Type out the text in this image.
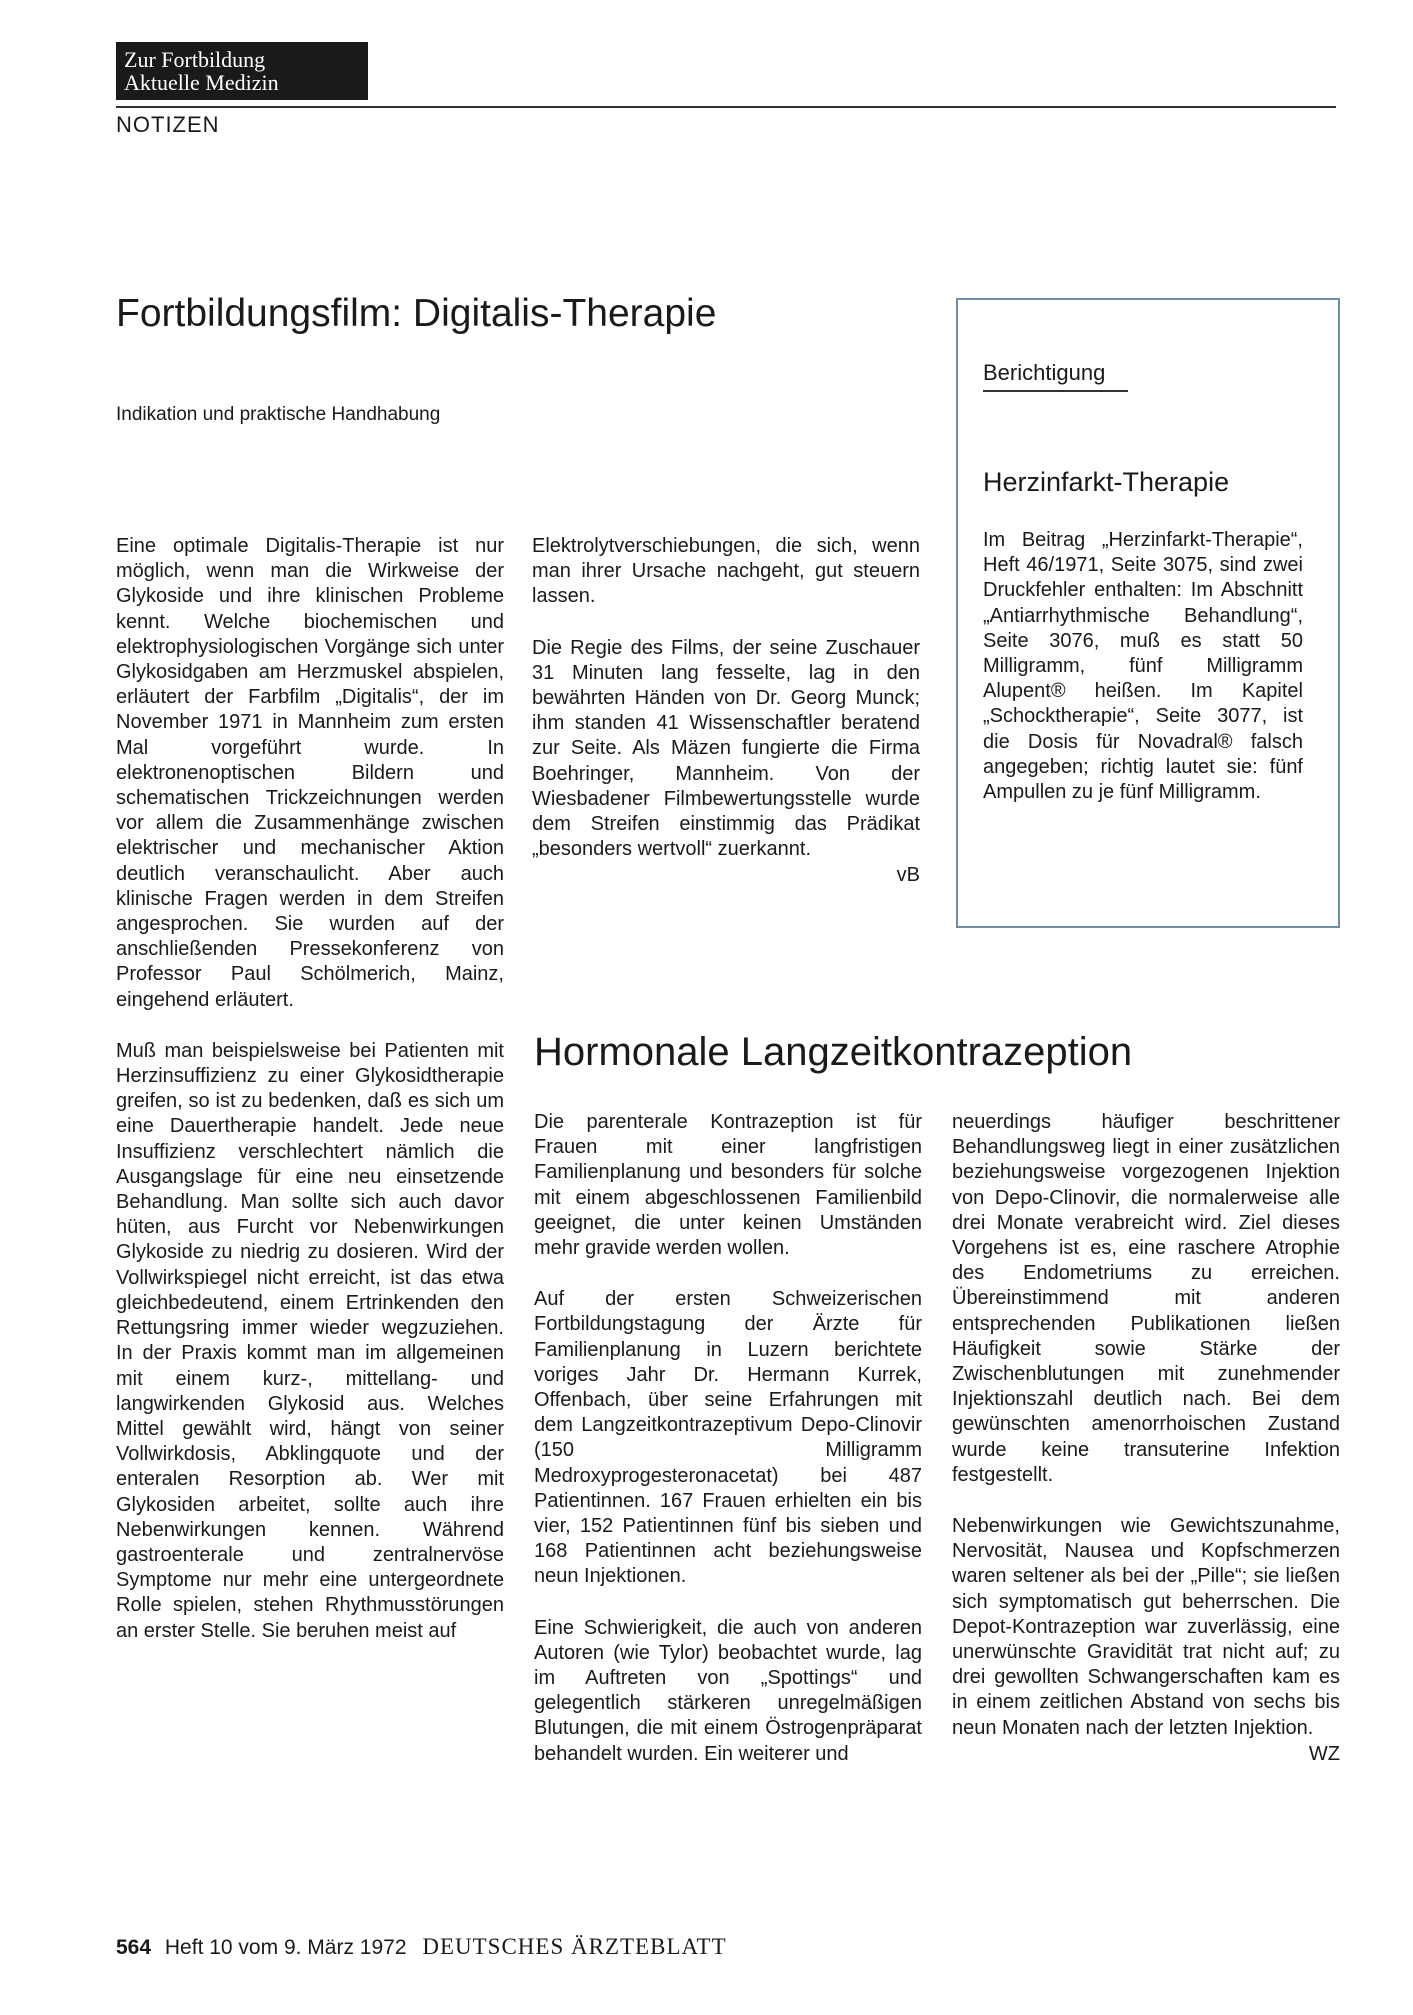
Zur Fortbildung
Aktuelle Medizin
NOTIZEN
Fortbildungsfilm: Digitalis-Therapie
Indikation und praktische Handhabung

Eine optimale Digitalis-Therapie ist nur möglich, wenn man die Wirkweise der Glykoside und ihre klinischen Probleme kennt. Welche biochemischen und elektrophysiologischen Vorgänge sich unter Glykosidgaben am Herzmuskel abspielen, erläutert der Farbfilm „Digitalis“, der im November 1971 in Mannheim zum ersten Mal vorgeführt wurde. In elektronenoptischen Bildern und schematischen Trickzeichnungen werden vor allem die Zusammenhänge zwischen elektrischer und mechanischer Aktion deutlich veranschaulicht. Aber auch klinische Fragen werden in dem Streifen angesprochen. Sie wurden auf der anschließenden Pressekonferenz von Professor Paul Schölmerich, Mainz, eingehend erläutert.

Muß man beispielsweise bei Patienten mit Herzinsuffizienz zu einer Glykosidtherapie greifen, so ist zu bedenken, daß es sich um eine Dauertherapie handelt. Jede neue Insuffizienz verschlechtert nämlich die Ausgangslage für eine neu einsetzende Behandlung. Man sollte sich auch davor hüten, aus Furcht vor Nebenwirkungen Glykoside zu niedrig zu dosieren. Wird der Vollwirkspiegel nicht erreicht, ist das etwa gleichbedeutend, einem Ertrinkenden den Rettungsring immer wieder wegzuziehen. In der Praxis kommt man im allgemeinen mit einem kurz-, mittellang- und langwirkenden Glykosid aus. Welches Mittel gewählt wird, hängt von seiner Vollwirkdosis, Abklingquote und der enteralen Resorption ab. Wer mit Glykosiden arbeitet, sollte auch ihre Nebenwirkungen kennen. Während gastroenterale und zentralnervöse Symptome nur mehr eine untergeordnete Rolle spielen, stehen Rhythmusstörungen an erster Stelle. Sie beruhen meist auf

Elektrolytverschiebungen, die sich, wenn man ihrer Ursache nachgeht, gut steuern lassen.

Die Regie des Films, der seine Zuschauer 31 Minuten lang fesselte, lag in den bewährten Händen von Dr. Georg Munck; ihm standen 41 Wissenschaftler beratend zur Seite. Als Mäzen fungierte die Firma Boehringer, Mannheim. Von der Wiesbadener Filmbewertungsstelle wurde dem Streifen einstimmig das Prädikat „besonders wertvoll“ zuerkannt.

vB
Berichtigung
Herzinfarkt-Therapie
Im Beitrag „Herzinfarkt-Therapie“, Heft 46/1971, Seite 3075, sind zwei Druckfehler enthalten: Im Abschnitt „Antiarrhythmische Behandlung“, Seite 3076, muß es statt 50 Milligramm, fünf Milligramm Alupent® heißen. Im Kapitel „Schocktherapie“, Seite 3077, ist die Dosis für Novadral® falsch angegeben; richtig lautet sie: fünf Ampullen zu je fünf Milligramm.
Hormonale Langzeitkontrazeption

Die parenterale Kontrazeption ist für Frauen mit einer langfristigen Familienplanung und besonders für solche mit einem abgeschlossenen Familienbild geeignet, die unter keinen Umständen mehr gravide werden wollen.

Auf der ersten Schweizerischen Fortbildungstagung der Ärzte für Familienplanung in Luzern berichtete voriges Jahr Dr. Hermann Kurrek, Offenbach, über seine Erfahrungen mit dem Langzeitkontrazeptivum Depo-Clinovir (150 Milligramm Medroxyprogesteronacetat) bei 487 Patientinnen. 167 Frauen erhielten ein bis vier, 152 Patientinnen fünf bis sieben und 168 Patientinnen acht beziehungsweise neun Injektionen.

Eine Schwierigkeit, die auch von anderen Autoren (wie Tylor) beobachtet wurde, lag im Auftreten von „Spottings“ und gelegentlich stärkeren unregelmäßigen Blutungen, die mit einem Östrogenpräparat behandelt wurden. Ein weiterer und

neuerdings häufiger beschrittener Behandlungsweg liegt in einer zusätzlichen beziehungsweise vorgezogenen Injektion von Depo-Clinovir, die normalerweise alle drei Monate verabreicht wird. Ziel dieses Vorgehens ist es, eine raschere Atrophie des Endometriums zu erreichen. Übereinstimmend mit anderen entsprechenden Publikationen ließen Häufigkeit sowie Stärke der Zwischenblutungen mit zunehmender Injektionszahl deutlich nach. Bei dem gewünschten amenorrhoischen Zustand wurde keine transuterine Infektion festgestellt.

Nebenwirkungen wie Gewichtszunahme, Nervosität, Nausea und Kopfschmerzen waren seltener als bei der „Pille“; sie ließen sich symptomatisch gut beherrschen. Die Depot-Kontrazeption war zuverlässig, eine unerwünschte Gravidität trat nicht auf; zu drei gewollten Schwangerschaften kam es in einem zeitlichen Abstand von sechs bis neun Monaten nach der letzten Injektion.

WZ
564 Heft 10 vom 9. März 1972 DEUTSCHES ÄRZTEBLATT
